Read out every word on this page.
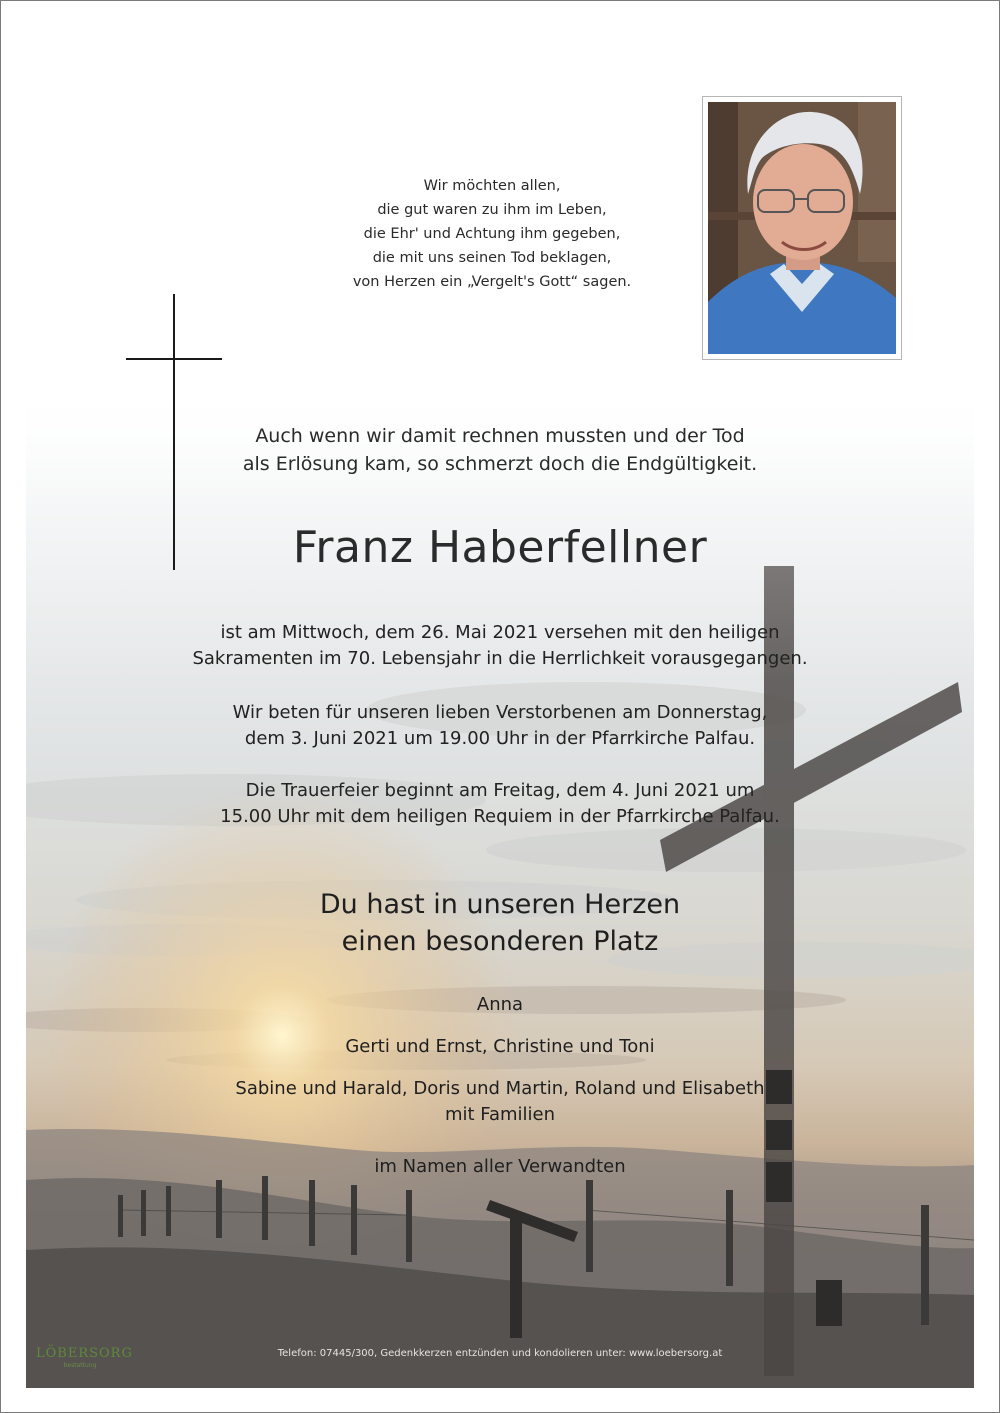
Wir möchten allen,
die gut waren zu ihm im Leben,
die Ehr' und Achtung ihm gegeben,
die mit uns seinen Tod beklagen,
von Herzen ein „Vergelt's Gott“ sagen.
Auch wenn wir damit rechnen mussten und der Tod
als Erlösung kam, so schmerzt doch die Endgültigkeit.
Franz Haberfellner
ist am Mittwoch, dem 26. Mai 2021 versehen mit den heiligen
Sakramenten im 70. Lebensjahr in die Herrlichkeit vorausgegangen.
Wir beten für unseren lieben Verstorbenen am Donnerstag,
dem 3. Juni 2021 um 19.00 Uhr in der Pfarrkirche Palfau.
Die Trauerfeier beginnt am Freitag, dem 4. Juni 2021 um
15.00 Uhr mit dem heiligen Requiem in der Pfarrkirche Palfau.
Du hast in unseren Herzen
einen besonderen Platz
Anna
Gerti und Ernst, Christine und Toni
Sabine und Harald, Doris und Martin, Roland und Elisabeth
mit Familien
im Namen aller Verwandten
LÖBERSORG
bestattung
Telefon: 07445/300, Gedenkkerzen entzünden und kondolieren unter: www.loebersorg.at
